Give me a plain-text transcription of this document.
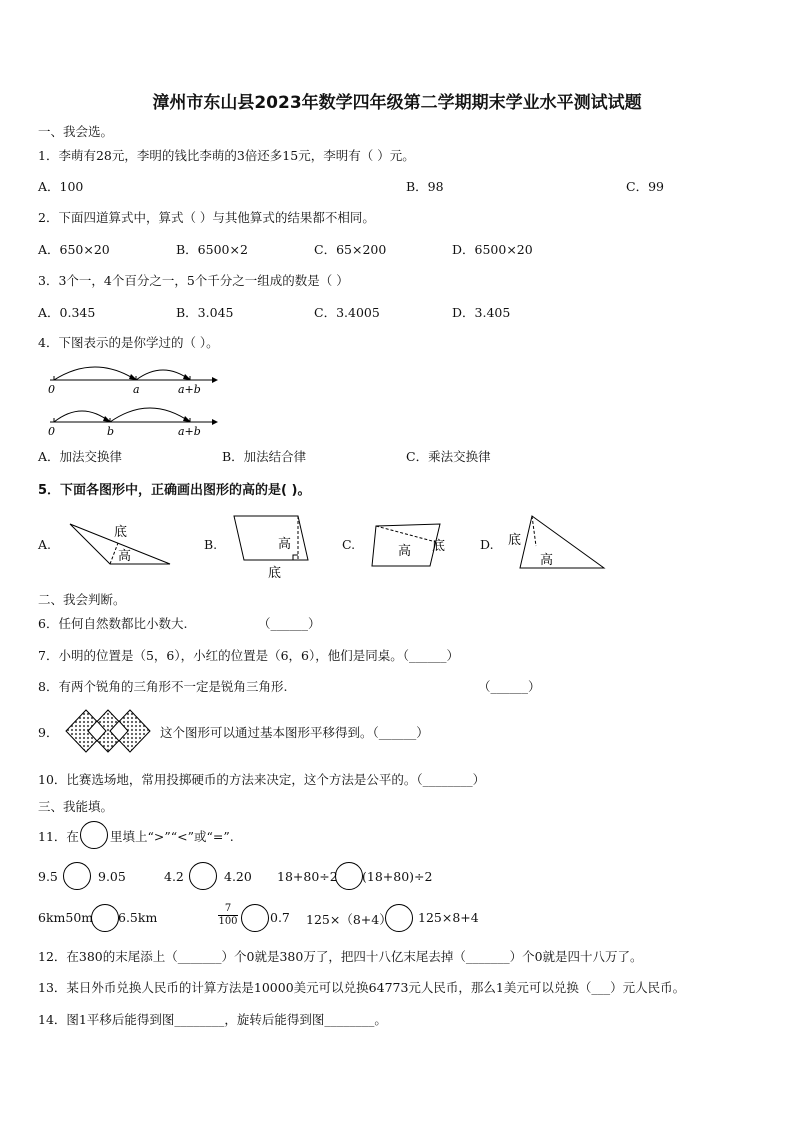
漳州市东山县2023年数学四年级第二学期期末学业水平测试试题
一、我会选。
1．李萌有28元，李明的钱比李萌的3倍还多15元，李明有（ ）元。
A．100	B．98	C．99
2．下面四道算式中，算式（ ）与其他算式的结果都不相同。
A．650×20	B．6500×2	C．65×200	D．6500×20
3．3个一，4个百分之一，5个千分之一组成的数是（ ）
A．0.345	B．3.045	C．3.4005	D．3.405
4．下图表示的是你学过的（ ）。
0	a	a+b
0	b	a+b
A．加法交换律	B．加法结合律	C．乘法交换律
5．下面各图形中，正确画出图形的高的是( )。
A.
底
高
B.	高
底
C.	高 底	D. 底
高
二、我会判断。
6．任何自然数都比小数大.	（______）
7．小明的位置是（5，6），小红的位置是（6，6），他们是同桌。（______）
8．有两个锐角的三角形不一定是锐角三角形.	（______）
9．	这个图形可以通过基本图形平移得到。（______）
10．比赛选场地，常用投掷硬币的方法来决定，这个方法是公平的。（________）
三、我能填。
11．在 里填上“>”“<”或“=”.
9.5	9.05	4.2	4.20 18+80÷2 (18+80)÷2
6km50m 6.5km	$\frac{7}{100}$	0.7 125×（8+4） 125×8+4
12．在380的末尾添上（_______）个0就是380万了，把四十八亿末尾去掉（_______）个0就是四十八万了。
13．某日外币兑换人民币的计算方法是10000美元可以兑换64773元人民币，那么1美元可以兑换（___）元人民币。
14．图1平移后能得到图________，旋转后能得到图________。
